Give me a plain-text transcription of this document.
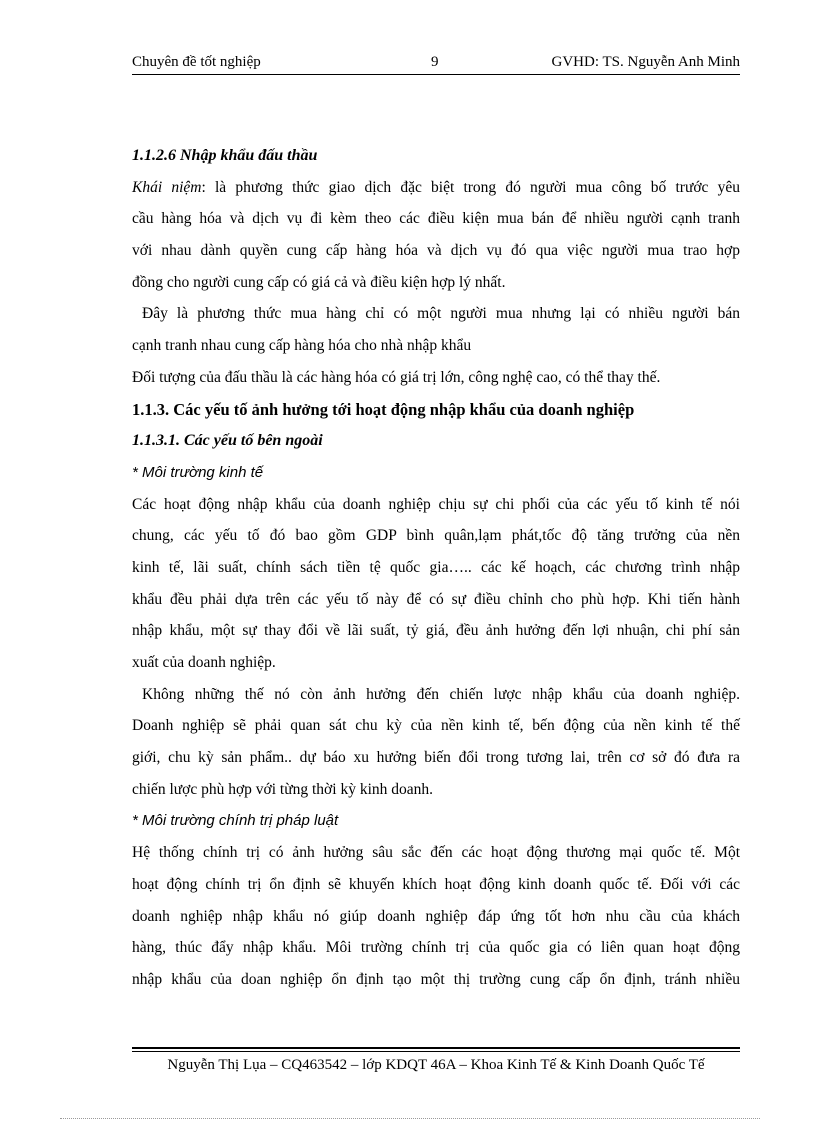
Chuyên đề tốt nghiệp	9	GVHD: TS. Nguyễn Anh Minh
1.1.2.6 Nhập khẩu đấu thầu
Khái niệm: là phương thức giao dịch đặc biệt trong đó người mua công bố trước yêu
cầu hàng hóa và dịch vụ đi kèm theo các điều kiện mua bán để nhiều người cạnh tranh
với nhau dành quyền cung cấp hàng hóa và dịch vụ đó qua việc người mua trao hợp
đồng cho người cung cấp có giá cả và điều kiện hợp lý nhất.
Đây là phương thức mua hàng chỉ có một người mua nhưng lại có nhiều người bán
cạnh tranh nhau cung cấp hàng hóa cho nhà nhập khẩu
Đối tượng của đấu thầu là các hàng hóa có giá trị lớn, công nghệ cao, có thể thay thế.
1.1.3. Các yếu tố ảnh hưởng tới hoạt động nhập khẩu của doanh nghiệp
1.1.3.1. Các yếu tố bên ngoài
* Môi trường kinh tế
Các hoạt động nhập khẩu của doanh nghiệp chịu sự chi phối của các yếu tố kinh tế nói
chung, các yếu tố đó bao gồm GDP bình quân,lạm phát,tốc độ tăng trưởng của nền
kinh tế, lãi suất, chính sách tiền tệ quốc gia….. các kế hoạch, các chương trình nhập
khẩu đều phải dựa trên các yếu tố này để có sự điều chỉnh cho phù hợp. Khi tiến hành
nhập khẩu, một sự thay đổi về lãi suất, tỷ giá, đều ảnh hưởng đến lợi nhuận, chi phí sản
xuất của doanh nghiệp.
Không những thế nó còn ảnh hưởng đến chiến lược nhập khẩu của doanh nghiệp.
Doanh nghiệp sẽ phải quan sát chu kỳ của nền kinh tế, bến động của nền kinh tế thế
giới, chu kỳ sản phẩm.. dự báo xu hưởng biến đổi trong tương lai, trên cơ sở đó đưa ra
chiến lược phù hợp với từng thời kỳ kinh doanh.
* Môi trường chính trị pháp luật
Hệ thống chính trị có ảnh hưởng sâu sắc đến các hoạt động thương mại quốc tế. Một
hoạt động chính trị ổn định sẽ khuyến khích hoạt động kinh doanh quốc tế. Đối với các
doanh nghiệp nhập khẩu nó giúp doanh nghiệp đáp ứng tốt hơn nhu cầu của khách
hàng, thúc đẩy nhập khẩu. Môi trường chính trị của quốc gia có liên quan hoạt động
nhập khẩu của doan nghiệp ổn định tạo một thị trường cung cấp ổn định, tránh nhiều
Nguyễn Thị Lụa – CQ463542 – lớp KDQT 46A – Khoa Kinh Tế & Kinh Doanh Quốc Tế
